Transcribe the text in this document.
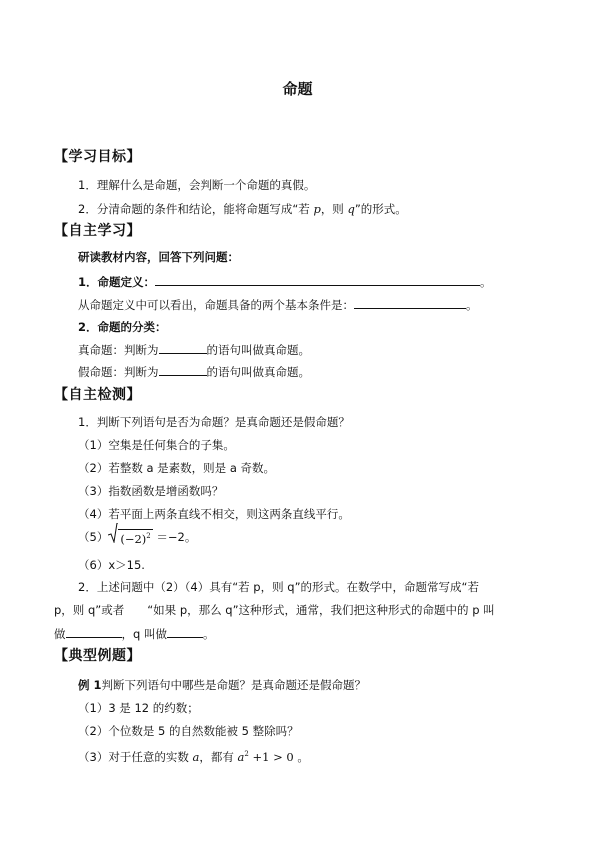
命题
【学习目标】
1．理解什么是命题，会判断一个命题的真假。
2．分清命题的条件和结论，能将命题写成“若 p，则 q”的形式。
【自主学习】
研读教材内容，回答下列问题：
1．命题定义：	。
从命题定义中可以看出，命题具备的两个基本条件是：	。
2．命题的分类：
真命题：判断为	的语句叫做真命题。
假命题：判断为	的语句叫做真命题。
【自主检测】
1．判断下列语句是否为命题？是真命题还是假命题？
（1）空集是任何集合的子集。
（2）若整数 a 是素数，则是 a 奇数。
（3）指数函数是增函数吗？
（4）若平面上两条直线不相交，则这两条直线平行。
（5） $(-2)^2 =-2$。
（6）x＞15.
2．上述问题中（2）（4）具有“若 p，则 q”的形式。在数学中，命题常写成“若
p，则 q”或者　　“如果 p，那么 q”这种形式，通常，我们把这种形式的命题中的 p 叫
做	，q 叫做	。
【典型例题】
例 1判断下列语句中哪些是命题？是真命题还是假命题？
（1）3 是 12 的约数；
（2）个位数是 5 的自然数能被 5 整除吗？
（3）对于任意的实数 a，都有 $a^2 +1 > 0$ 。
